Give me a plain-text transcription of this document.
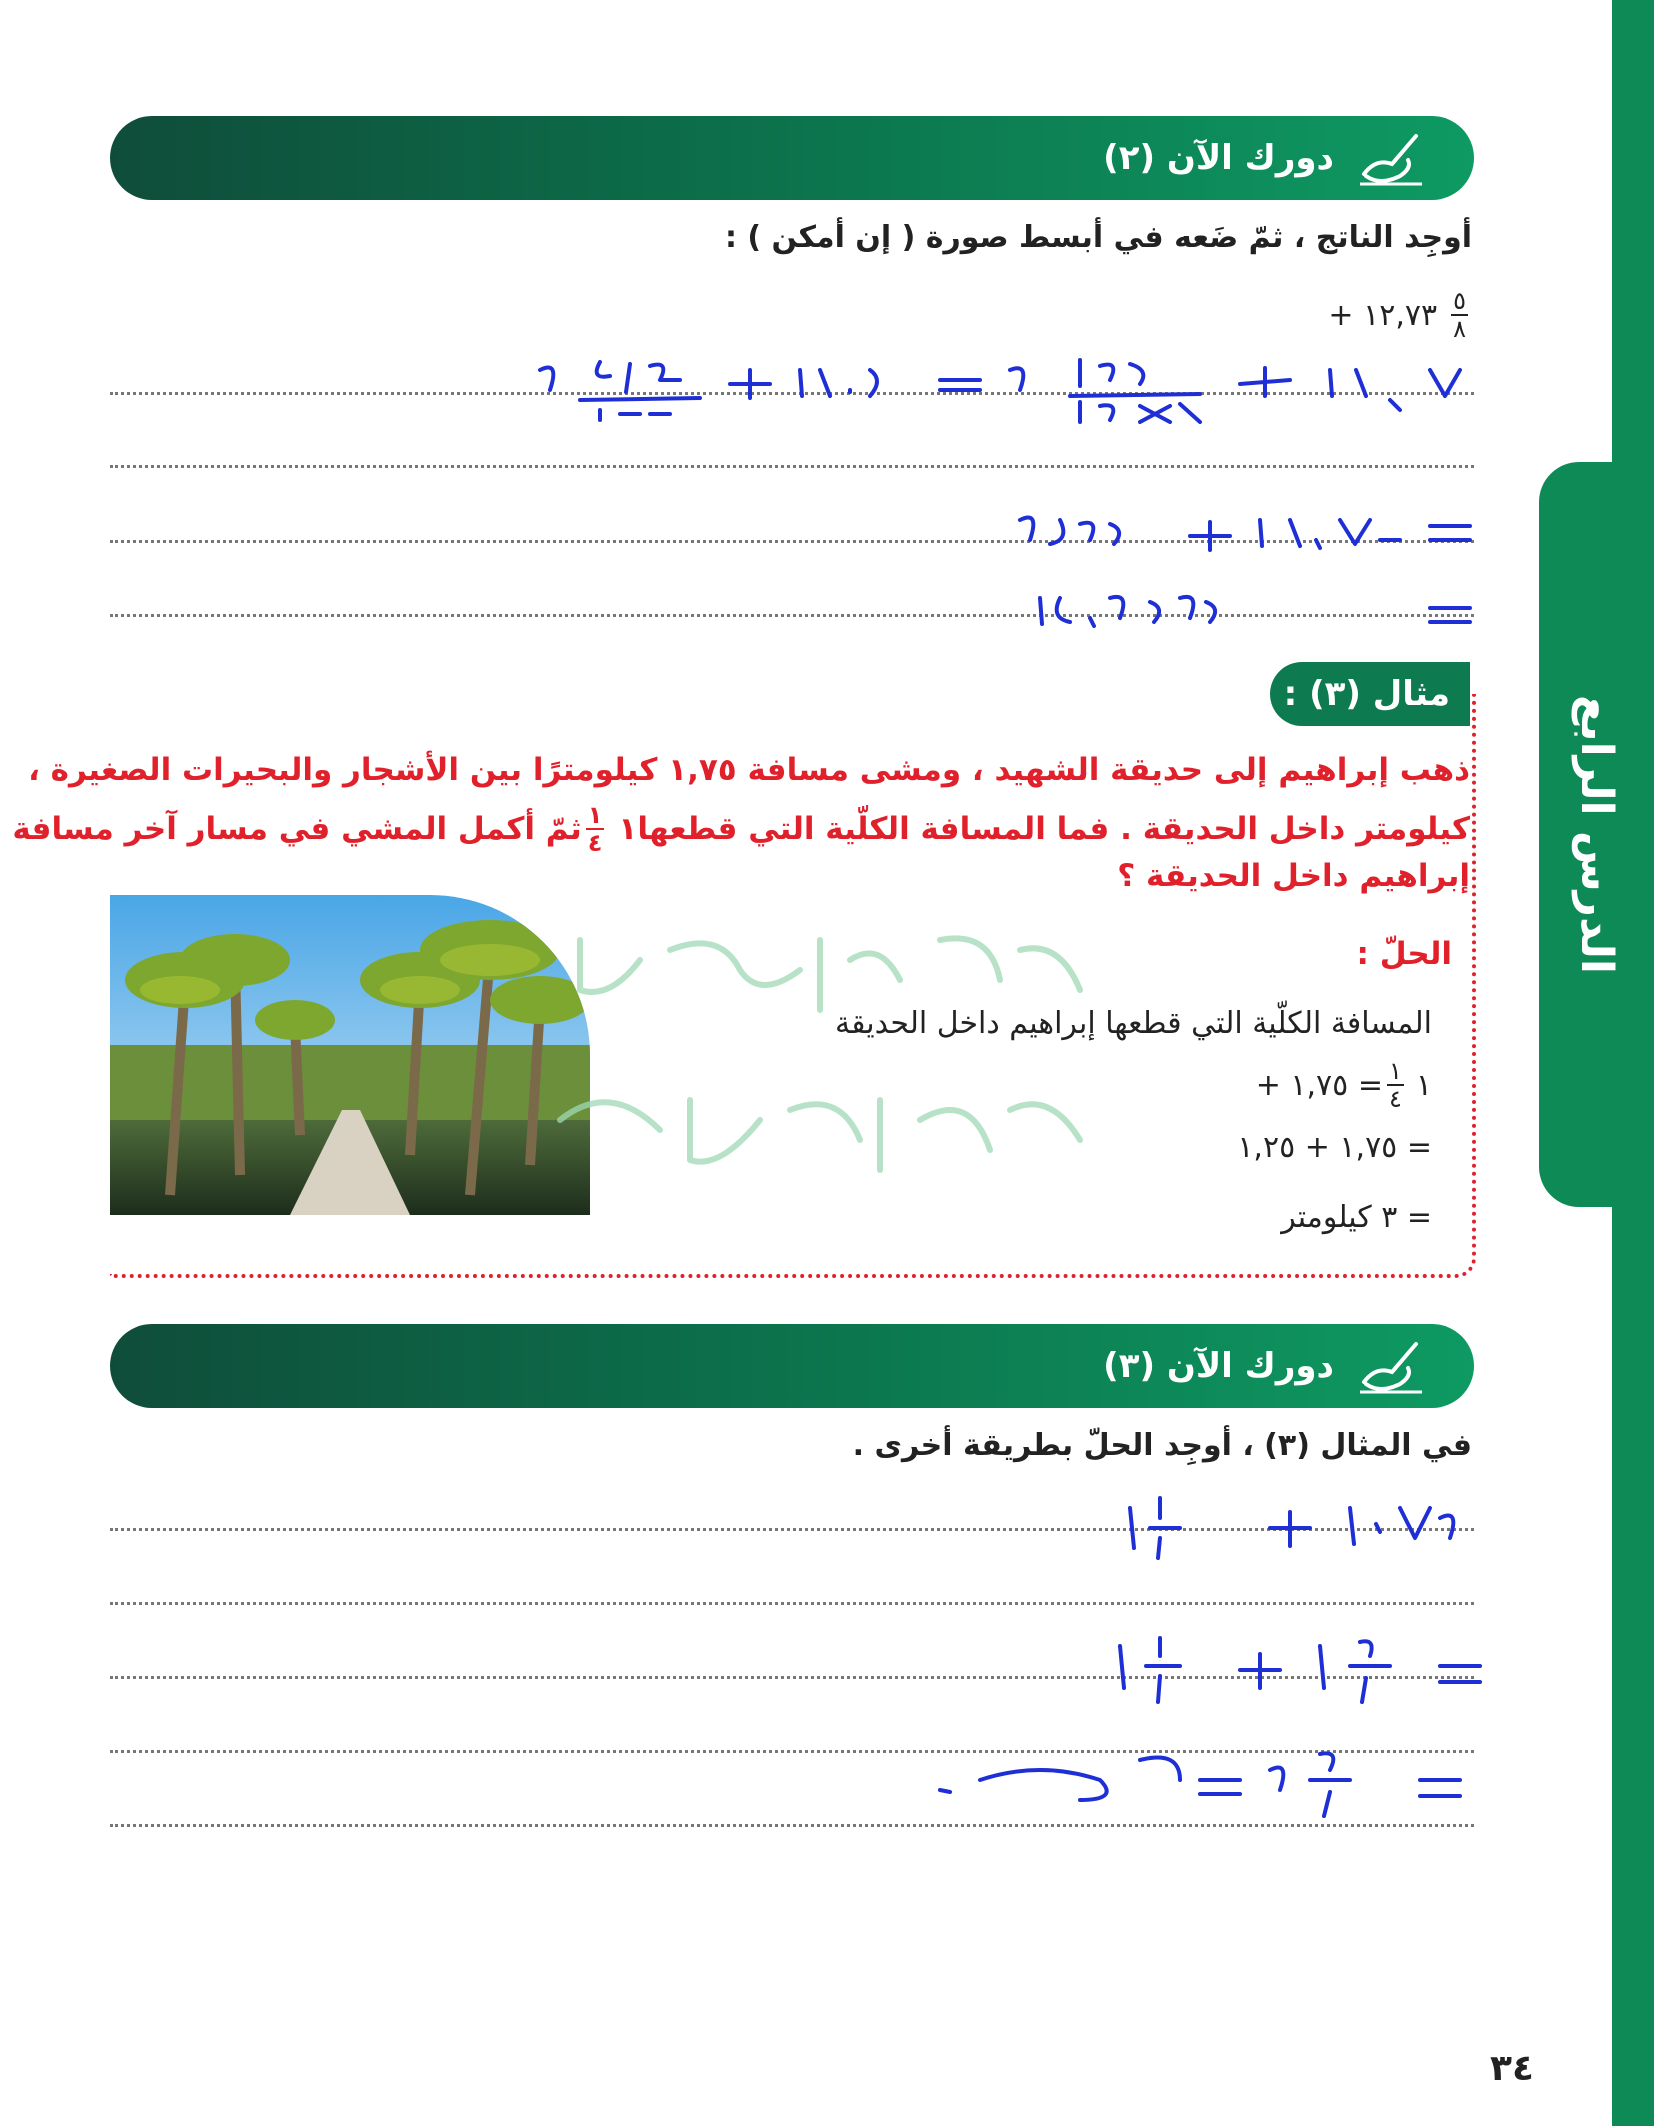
الدرس الرابع
دورك الآن (٢)
أوجِد الناتج ، ثمّ ضَعه في أبسط صورة ( إن أمكن ) :
١٢,٧ + ٣ $\frac{٥}{٨}$
مثال (٣) :
ذهب إبراهيم إلى حديقة الشهيد ، ومشى مسافة ١,٧٥ كيلومترًا بين الأشجار والبحيرات الصغيرة ،
ثمّ أكمل المشي في مسار آخر مسافة $\frac{١}{٤}$ ١ كيلومتر داخل الحديقة . فما المسافة الكلّية التي قطعها
إبراهيم داخل الحديقة ؟
الحلّ :
المسافة الكلّية التي قطعها إبراهيم داخل الحديقة
= ١,٧٥ + $\frac{١}{٤}$ ١
= ١,٧٥ + ١,٢٥
= ٣ كيلومتر
دورك الآن (٣)
في المثال (٣) ، أوجِد الحلّ بطريقة أخرى .
٣٤
